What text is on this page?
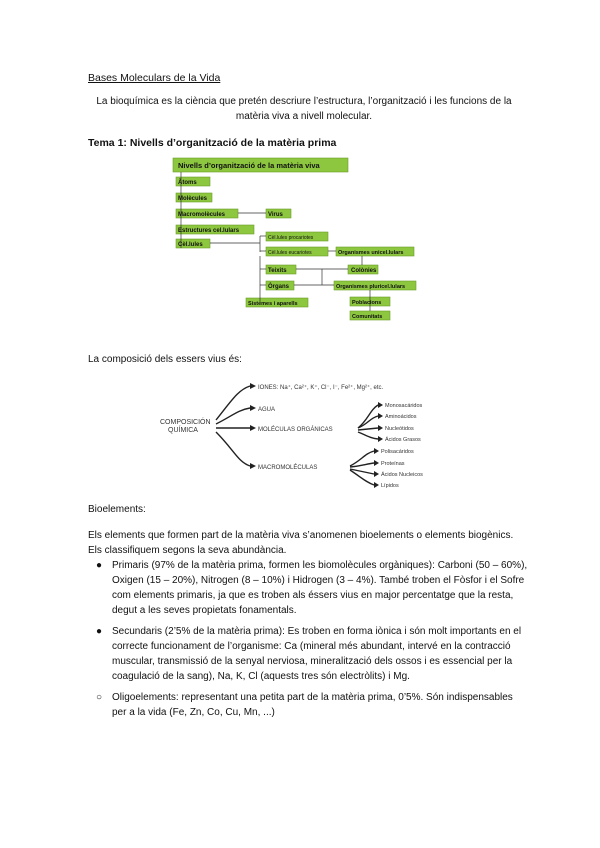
Bases Moleculars de la Vida
La bioquímica es la ciència que pretén descriure l’estructura, l’organització i les funcions de la matèria viva a nivell molecular.
Tema 1: Nivells d’organització de la matèria prima
Nivells d’organització de la matèria viva
Àtoms
Molècules
Macromolècules	Virus
Estructures cel.lulars
Cèl.lules
Cèl.lules procariotes
Cèl.lules eucariotes	Organismes unicel.lulars
Teixits	Colònies
Òrgans	Organismes pluricel.lulars
Sistemes i aparells	Poblacions
Comunitats
COMPOSICIÓN
QUÍMICA
IONES: Na⁺, Ca²⁺, K⁺, Cl⁻, I⁻, Fe²⁺, Mg²⁺, etc.
AGUA
MOLÉCULAS ORGÁNICAS
MACROMOLÉCULAS
Monosacáridos
Aminoácidos
Nucleótidos
Ácidos Grasos
Polisacáridos
Proteínas
Ácidos Nucleicos
Lípidos
La composició dels essers vius és:
Bioelements:
Els elements que formen part de la matèria viva s’anomenen bioelements o elements biogènics. Els classifiquem segons la seva abundància.
● Primaris (97% de la matèria prima, formen les biomolècules orgàniques): Carboni (50 – 60%), Oxigen (15 – 20%), Nitrogen (8 – 10%) i Hidrogen (3 – 4%). També troben el Fòsfor i el Sofre com elements primaris, ja que es troben als éssers vius en major percentatge que la resta, degut a les seves propietats fonamentals.
● Secundaris (2’5% de la matèria prima): Es troben en forma iònica i són molt importants en el correcte funcionament de l’organisme: Ca (mineral més abundant, intervé en la contracció muscular, transmissió de la senyal nerviosa, mineralització dels ossos i es essencial per la coagulació de la sang), Na, K, Cl (aquests tres són electròlits) i Mg.
○ Oligoelements: representant una petita part de la matèria prima, 0’5%. Són indispensables per a la vida (Fe, Zn, Co, Cu, Mn, ...)
